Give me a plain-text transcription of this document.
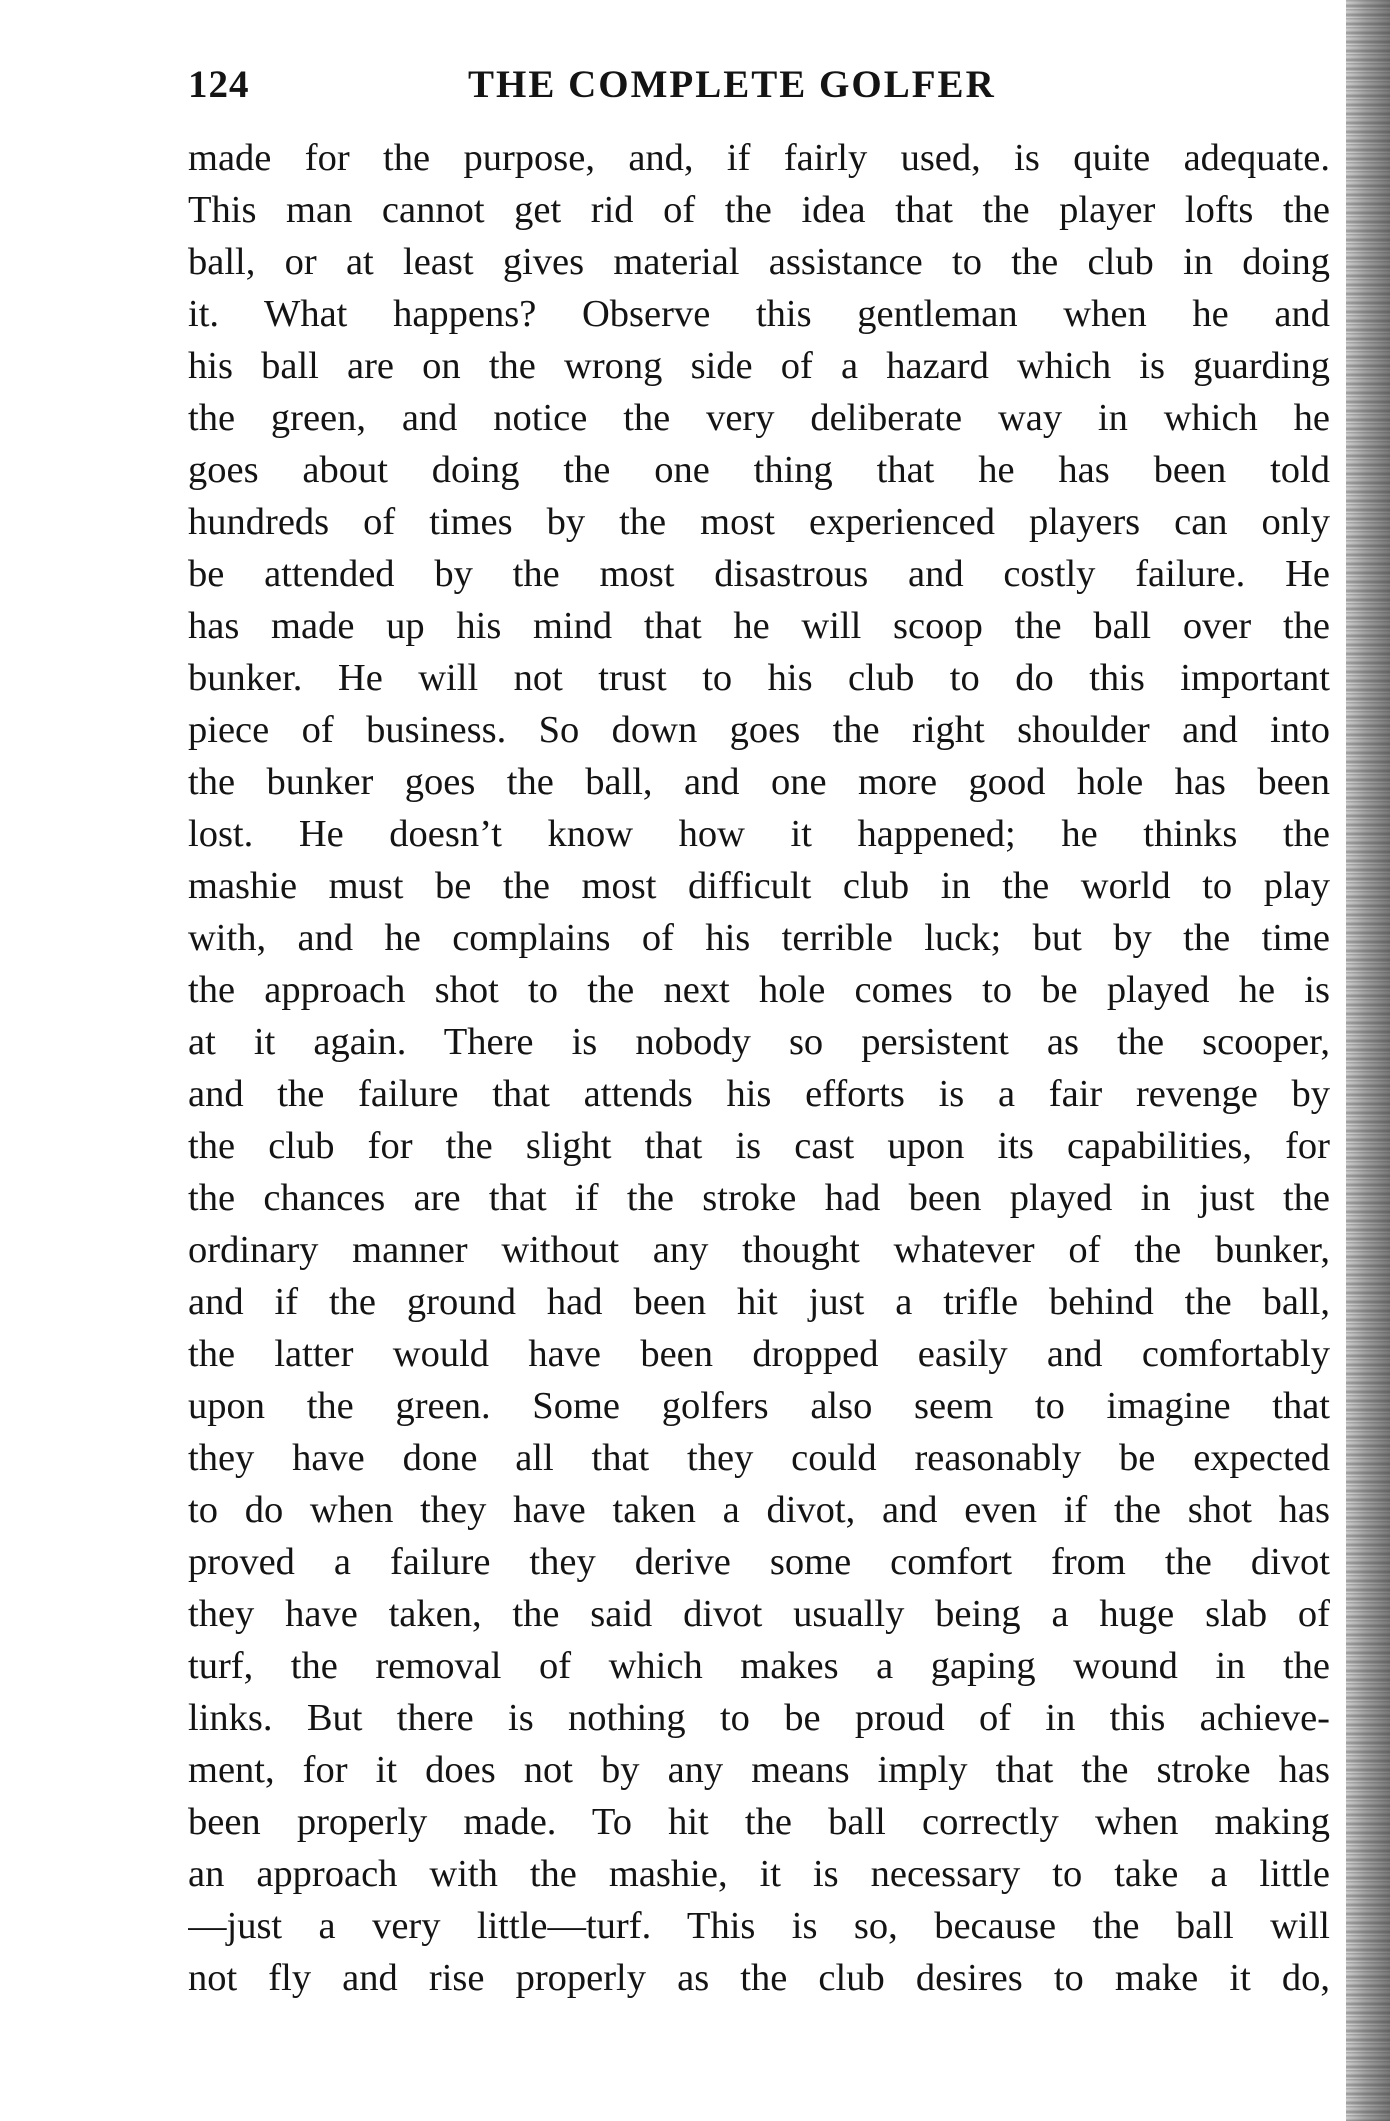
124	THE COMPLETE GOLFER
made for the purpose, and, if fairly used, is quite adequate.
This man cannot get rid of the idea that the player lofts the
ball, or at least gives material assistance to the club in doing
it. What happens? Observe this gentleman when he and
his ball are on the wrong side of a hazard which is guarding
the green, and notice the very deliberate way in which he
goes about doing the one thing that he has been told
hundreds of times by the most experienced players can only
be attended by the most disastrous and costly failure. He
has made up his mind that he will scoop the ball over the
bunker. He will not trust to his club to do this important
piece of business. So down goes the right shoulder and into
the bunker goes the ball, and one more good hole has been
lost. He doesn’t know how it happened; he thinks the
mashie must be the most difficult club in the world to play
with, and he complains of his terrible luck; but by the time
the approach shot to the next hole comes to be played he is
at it again. There is nobody so persistent as the scooper,
and the failure that attends his efforts is a fair revenge by
the club for the slight that is cast upon its capabilities, for
the chances are that if the stroke had been played in just the
ordinary manner without any thought whatever of the bunker,
and if the ground had been hit just a trifle behind the ball,
the latter would have been dropped easily and comfortably
upon the green. Some golfers also seem to imagine that
they have done all that they could reasonably be expected
to do when they have taken a divot, and even if the shot has
proved a failure they derive some comfort from the divot
they have taken, the said divot usually being a huge slab of
turf, the removal of which makes a gaping wound in the
links. But there is nothing to be proud of in this achieve-
ment, for it does not by any means imply that the stroke has
been properly made. To hit the ball correctly when making
an approach with the mashie, it is necessary to take a little
—just a very little—turf. This is so, because the ball will
not fly and rise properly as the club desires to make it do,
